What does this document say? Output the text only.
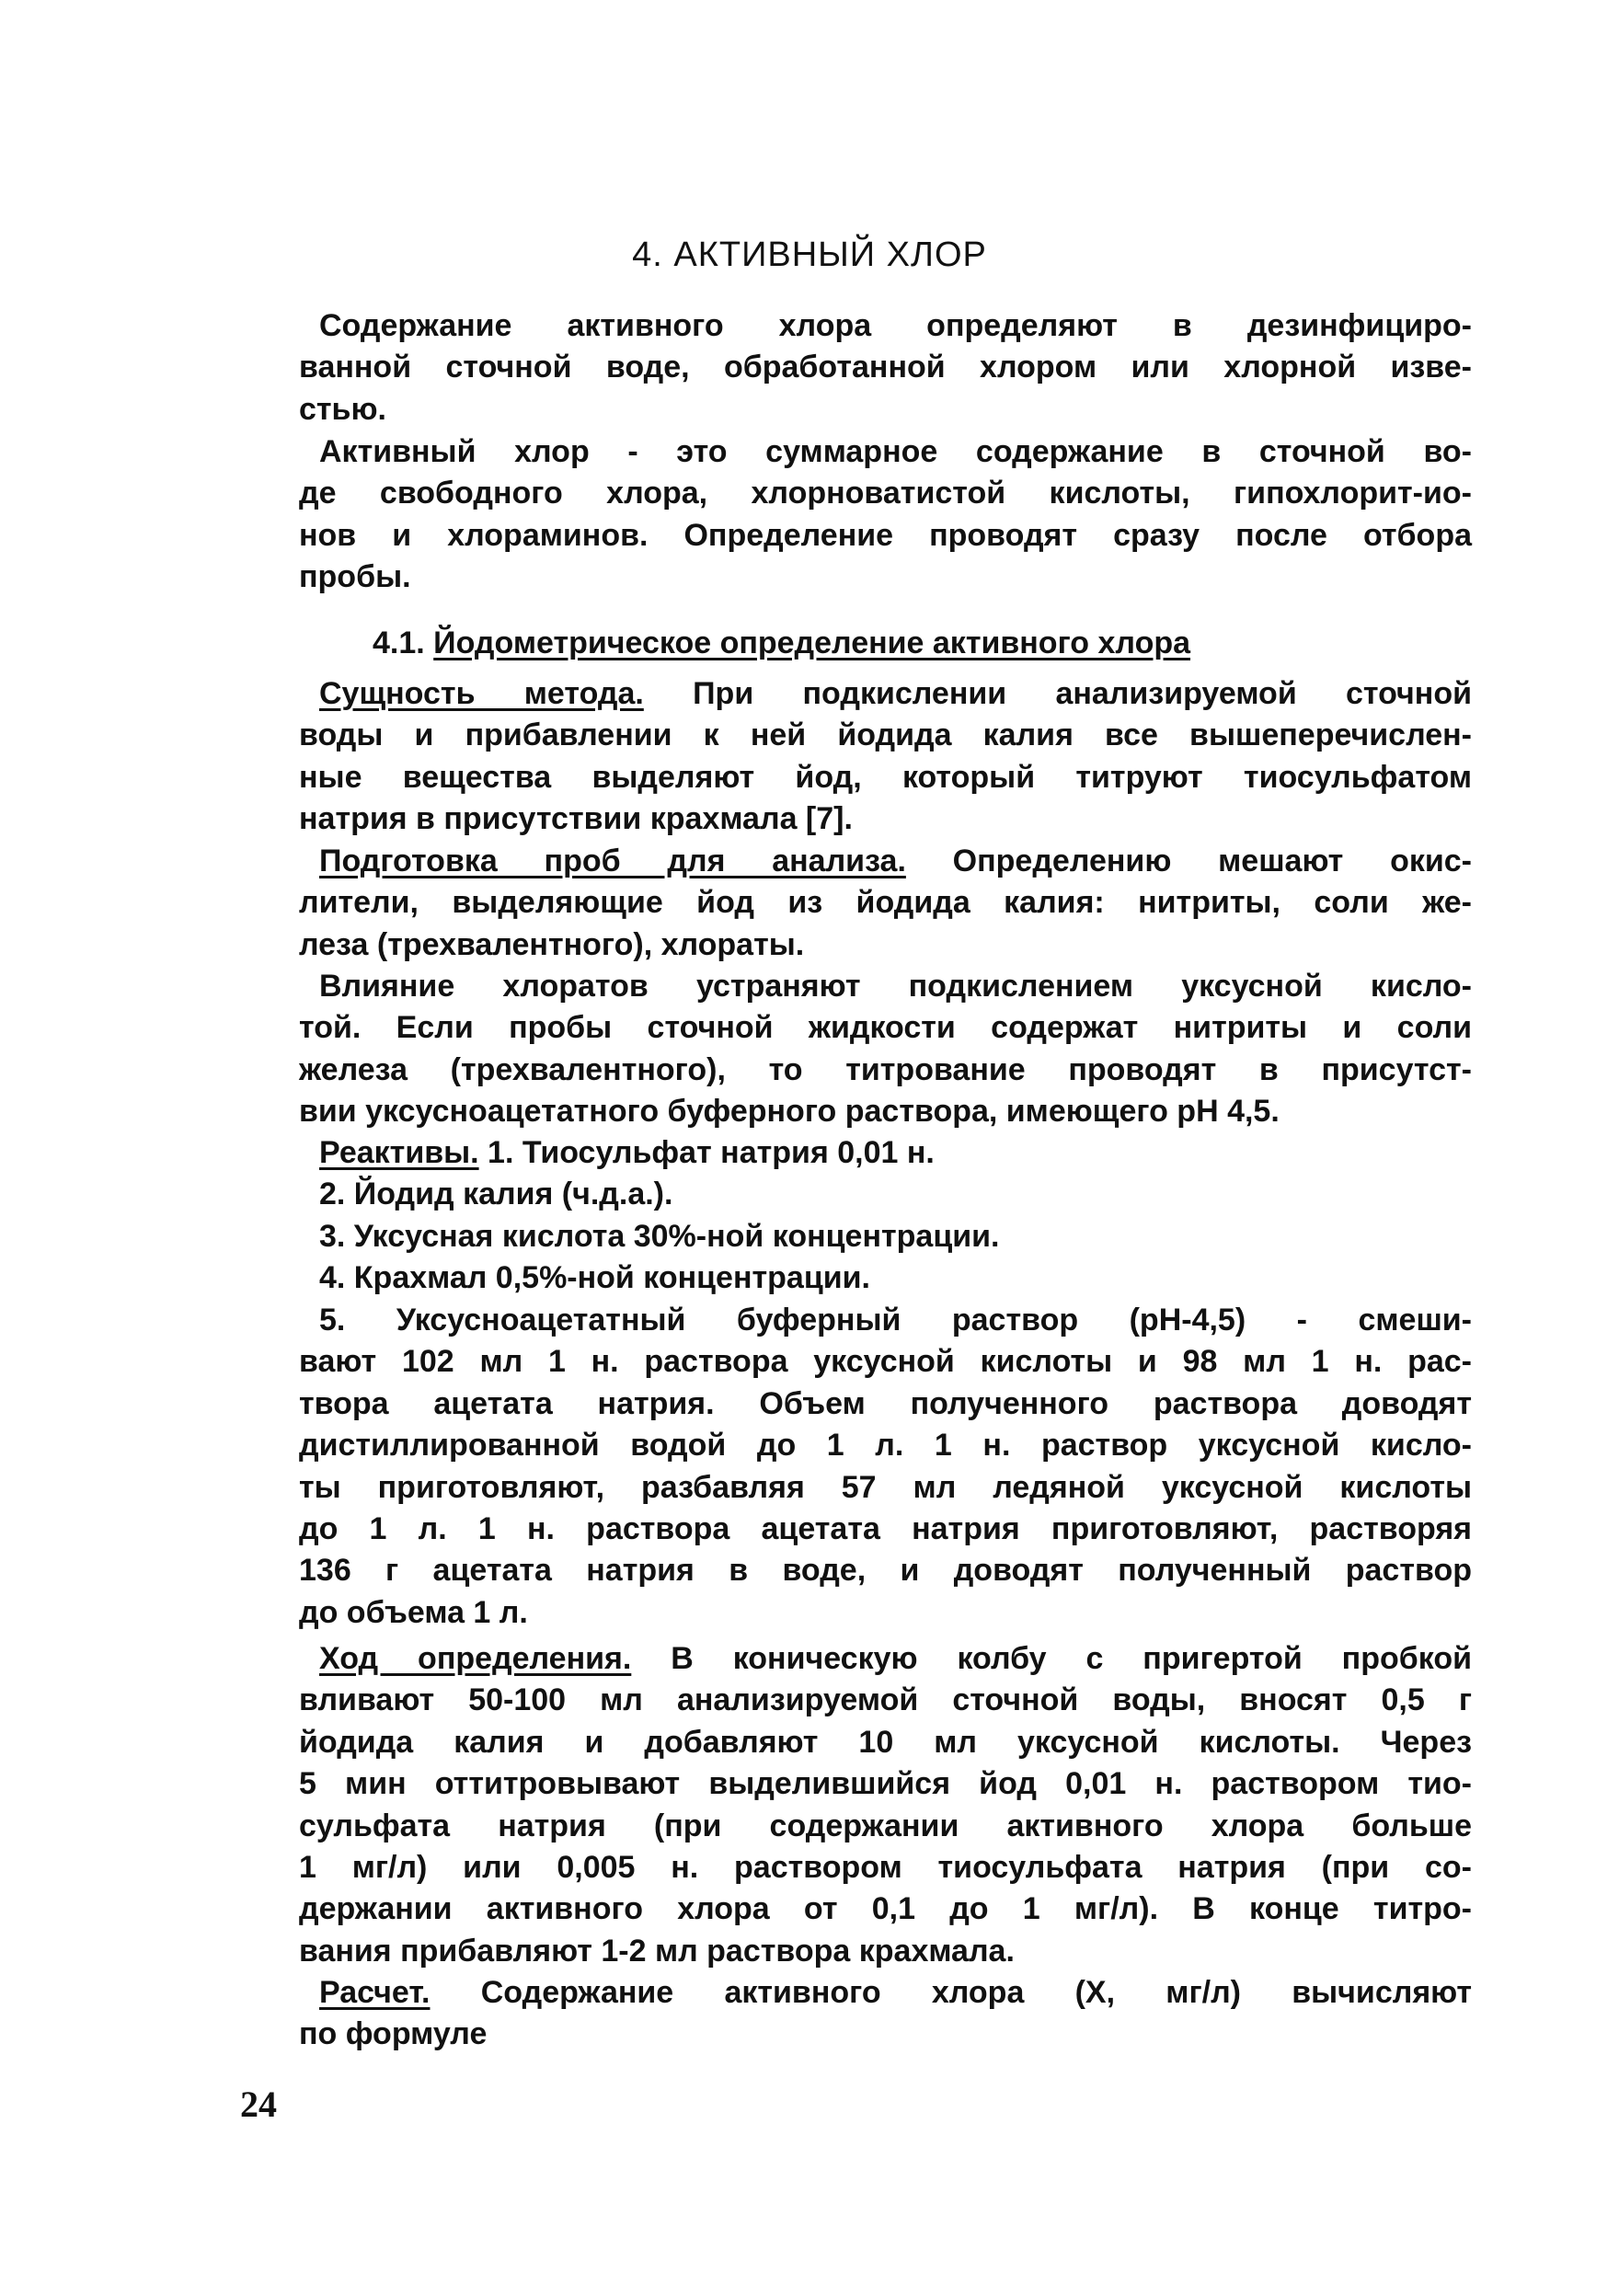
4. АКТИВНЫЙ ХЛОР
Содержание активного хлора определяют в дезинфициро-
ванной сточной воде, обработанной хлором или хлорной изве-
стью.
Активный хлор - это суммарное содержание в сточной во-
де свободного хлора, хлорноватистой кислоты, гипохлорит-ио-
нов и хлораминов. Определение проводят сразу после отбора
пробы.
4.1. Йодометрическое определение активного хлора
Сущность метода. При подкислении анализируемой сточной
воды и прибавлении к ней йодида калия все вышеперечислен-
ные вещества выделяют йод, который титруют тиосульфатом
натрия в присутствии крахмала [7].
Подготовка проб для анализа. Определению мешают окис-
лители, выделяющие йод из йодида калия: нитриты, соли же-
леза (трехвалентного), хлораты.
Влияние хлоратов устраняют подкислением уксусной кисло-
той. Если пробы сточной жидкости содержат нитриты и соли
железа (трехвалентного), то титрование проводят в присутст-
вии уксусноацетатного буферного раствора, имеющего pH 4,5.
Реактивы. 1. Тиосульфат натрия 0,01 н.
2. Йодид калия (ч.д.а.).
3. Уксусная кислота 30%-ной концентрации.
4. Крахмал 0,5%-ной концентрации.
5. Уксусноацетатный буферный раствор (pH-4,5) - смеши-
вают 102 мл 1 н. раствора уксусной кислоты и 98 мл 1 н. рас-
твора ацетата натрия. Объем полученного раствора доводят
дистиллированной водой до 1 л. 1 н. раствор уксусной кисло-
ты приготовляют, разбавляя 57 мл ледяной уксусной кислоты
до 1 л. 1 н. раствора ацетата натрия приготовляют, растворяя
136 г ацетата натрия в воде, и доводят полученный раствор
до объема 1 л.
Ход определения. В коническую колбу с пригертой пробкой
вливают 50-100 мл анализируемой сточной воды, вносят 0,5 г
йодида калия и добавляют 10 мл уксусной кислоты. Через
5 мин оттитровывают выделившийся йод 0,01 н. раствором тио-
сульфата натрия (при содержании активного хлора больше
1 мг/л) или 0,005 н. раствором тиосульфата натрия (при со-
держании активного хлора от 0,1 до 1 мг/л). В конце титро-
вания прибавляют 1-2 мл раствора крахмала.
Расчет. Содержание активного хлора (X, мг/л) вычисляют
по формуле
24
